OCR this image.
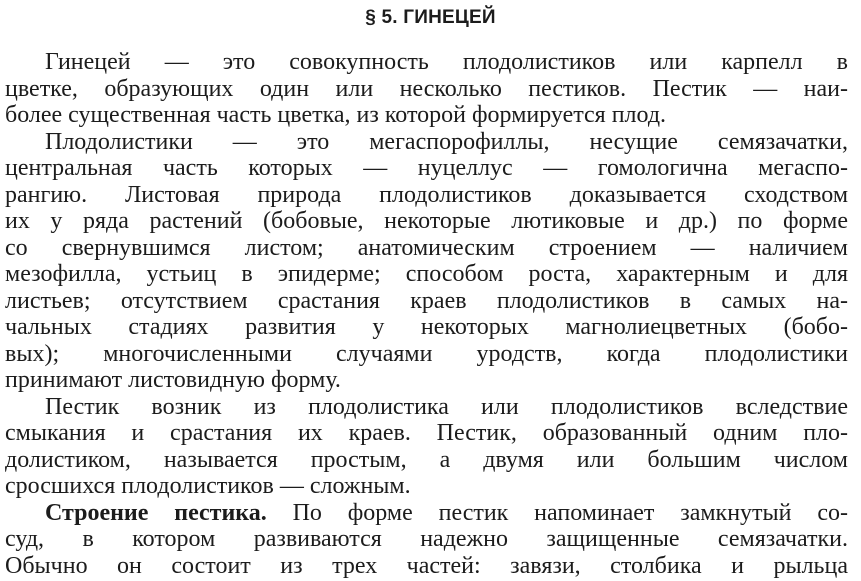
§ 5. ГИНЕЦЕЙ
Гинецей — это совокупность плодолистиков или карпелл в
цветке, образующих один или несколько пестиков. Пестик — наи-
более существенная часть цветка, из которой формируется плод.
Плодолистики — это мегаспорофиллы, несущие семязачатки,
центральная часть которых — нуцеллус — гомологична мегаспо-
рангию. Листовая природа плодолистиков доказывается сходством
их у ряда растений (бобовые, некоторые лютиковые и др.) по форме
со свернувшимся листом; анатомическим строением — наличием
мезофилла, устьиц в эпидерме; способом роста, характерным и для
листьев; отсутствием срастания краев плодолистиков в самых на-
чальных стадиях развития у некоторых магнолиецветных (бобо-
вых); многочисленными случаями уродств, когда плодолистики
принимают листовидную форму.
Пестик возник из плодолистика или плодолистиков вследствие
смыкания и срастания их краев. Пестик, образованный одним пло-
долистиком, называется простым, а двумя или большим числом
сросшихся плодолистиков — сложным.
Строение пестика. По форме пестик напоминает замкнутый со-
суд, в котором развиваются надежно защищенные семязачатки.
Обычно он состоит из трех частей: завязи, столбика и рыльца
